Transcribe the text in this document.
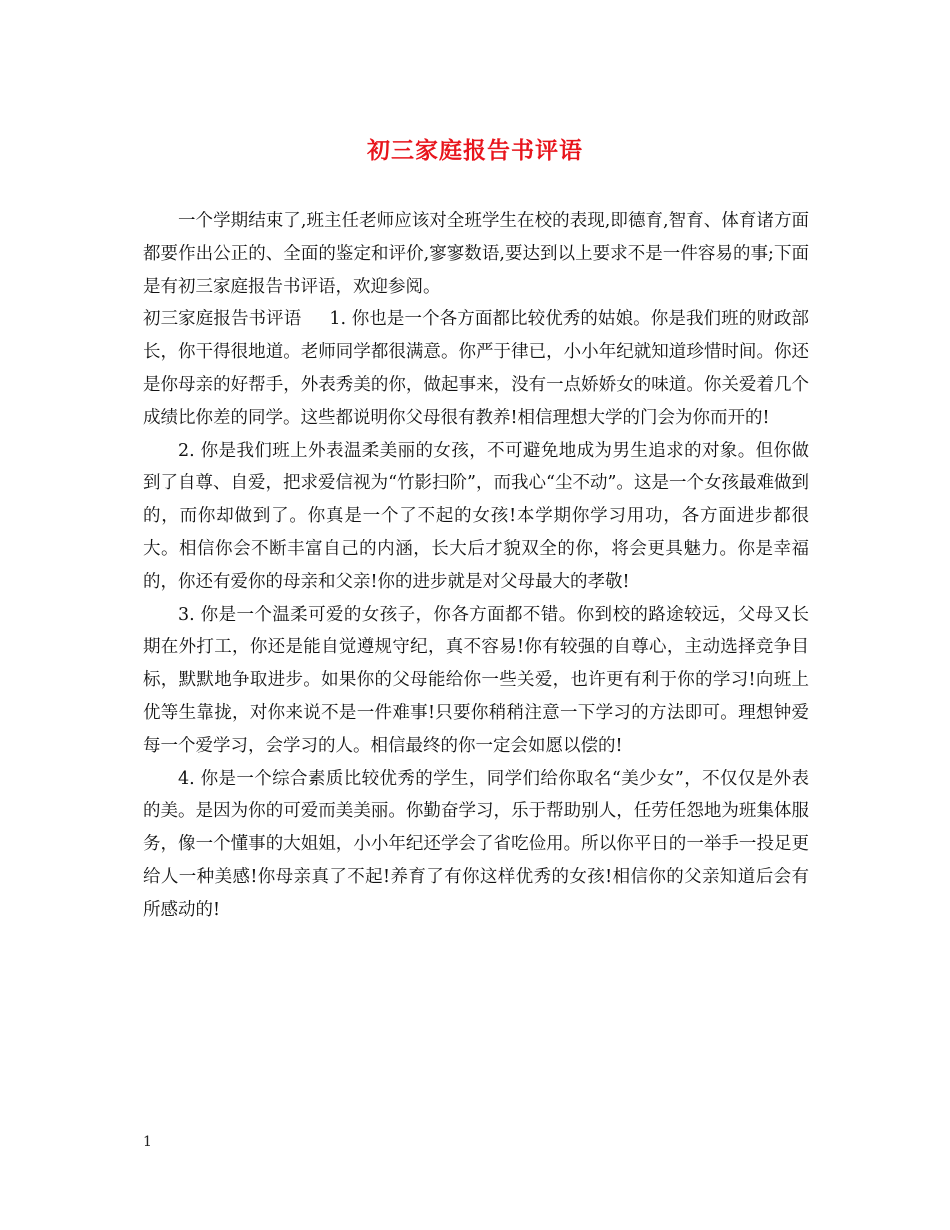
初三家庭报告书评语

一个学期结束了,班主任老师应该对全班学生在校的表现,即德育,智育、体育诸方面都要作出公正的、全面的鉴定和评价,寥寥数语,要达到以上要求不是一件容易的事;下面是有初三家庭报告书评语，欢迎参阅。

初三家庭报告书评语 1. 你也是一个各方面都比较优秀的姑娘。你是我们班的财政部长，你干得很地道。老师同学都很满意。你严于律已，小小年纪就知道珍惜时间。你还是你母亲的好帮手，外表秀美的你，做起事来，没有一点娇娇女的味道。你关爱着几个成绩比你差的同学。这些都说明你父母很有教养!相信理想大学的门会为你而开的!

2. 你是我们班上外表温柔美丽的女孩，不可避免地成为男生追求的对象。但你做到了自尊、自爱，把求爱信视为“竹影扫阶”，而我心“尘不动”。这是一个女孩最难做到的，而你却做到了。你真是一个了不起的女孩!本学期你学习用功，各方面进步都很大。相信你会不断丰富自己的内涵，长大后才貌双全的你，将会更具魅力。你是幸福的，你还有爱你的母亲和父亲!你的进步就是对父母最大的孝敬!

3. 你是一个温柔可爱的女孩子，你各方面都不错。你到校的路途较远，父母又长期在外打工，你还是能自觉遵规守纪，真不容易!你有较强的自尊心，主动选择竞争目标，默默地争取进步。如果你的父母能给你一些关爱，也许更有利于你的学习!向班上优等生靠拢，对你来说不是一件难事!只要你稍稍注意一下学习的方法即可。理想钟爱每一个爱学习，会学习的人。相信最终的你一定会如愿以偿的!

4. 你是一个综合素质比较优秀的学生，同学们给你取名“美少女”，不仅仅是外表的美。是因为你的可爱而美美丽。你勤奋学习，乐于帮助别人，任劳任怨地为班集体服务，像一个懂事的大姐姐，小小年纪还学会了省吃俭用。所以你平日的一举手一投足更给人一种美感!你母亲真了不起!养育了有你这样优秀的女孩!相信你的父亲知道后会有所感动的!

1
